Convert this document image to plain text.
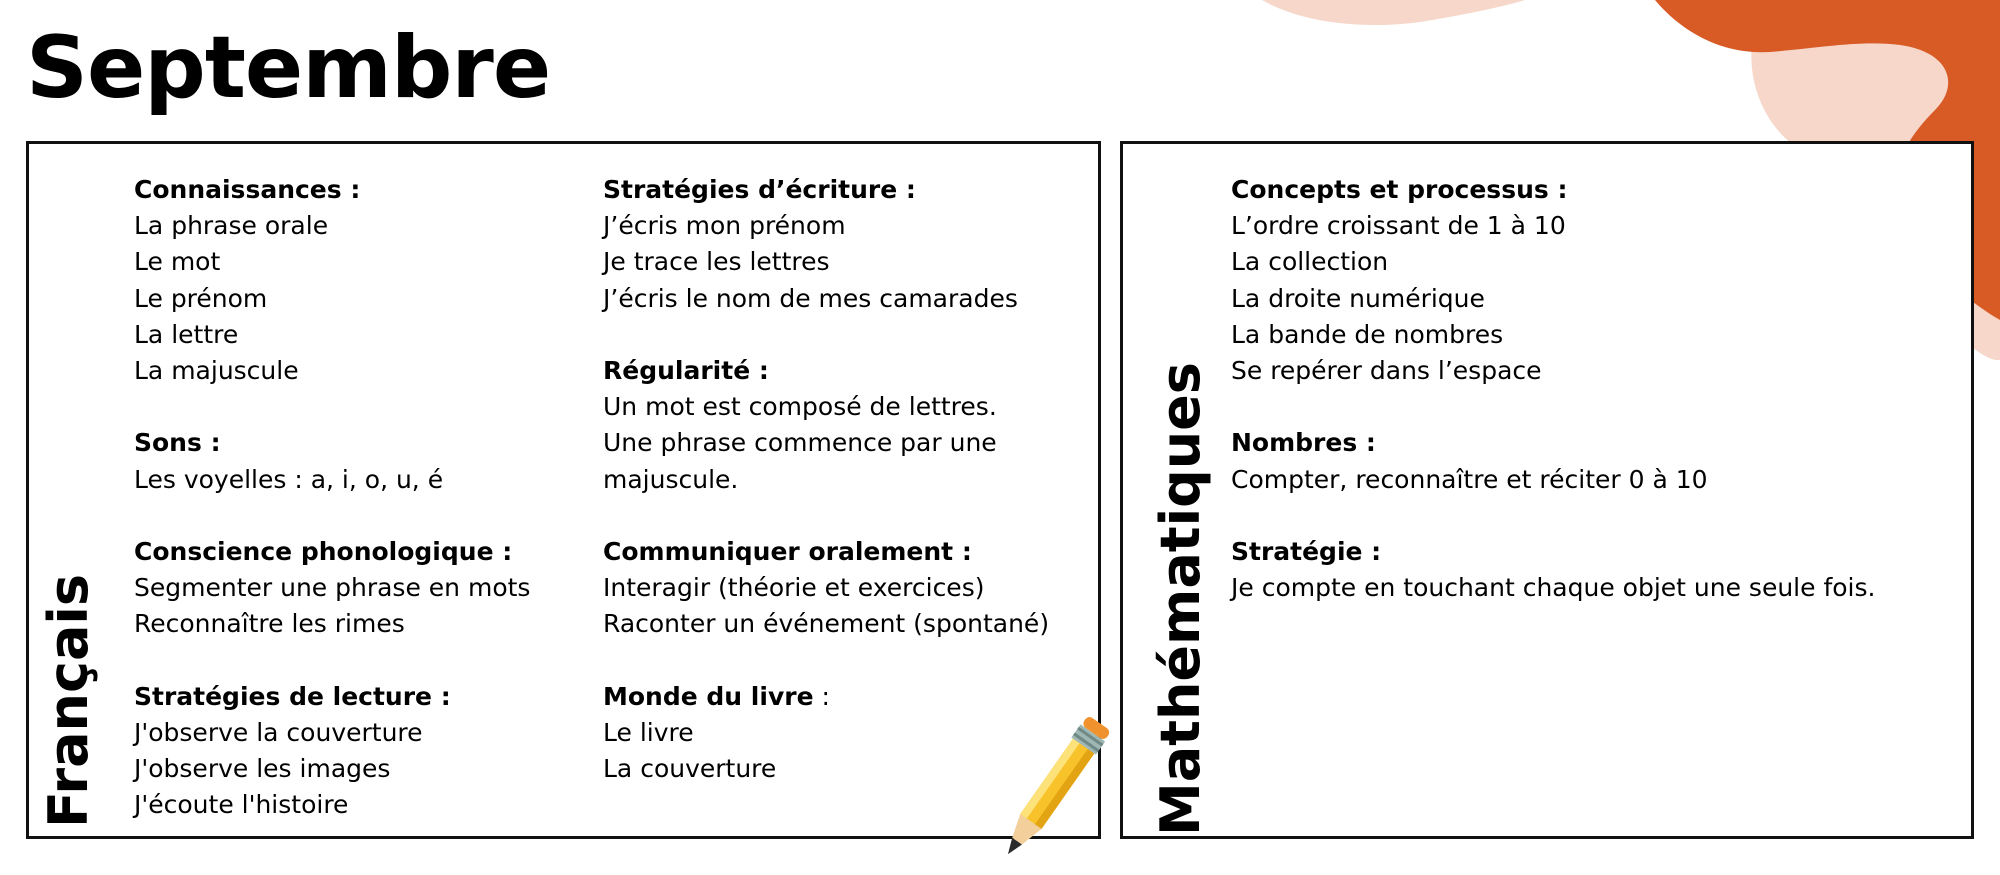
Septembre
Français
Connaissances :
La phrase orale
Le mot
Le prénom
La lettre
La majuscule
Sons :
Les voyelles : a, i, o, u, é
Conscience phonologique :
Segmenter une phrase en mots
Reconnaître les rimes
Stratégies de lecture :
J'observe la couverture
J'observe les images
J'écoute l'histoire
Stratégies d’écriture :
J’écris mon prénom
Je trace les lettres
J’écris le nom de mes camarades
Régularité :
Un mot est composé de lettres.
Une phrase commence par une
majuscule.
Communiquer oralement :
Interagir (théorie et exercices)
Raconter un événement (spontané)
Monde du livre :
Le livre
La couverture	Mathématiques
Concepts et processus :
L’ordre croissant de 1 à 10
La collection
La droite numérique
La bande de nombres
Se repérer dans l’espace
Nombres :
Compter, reconnaître et réciter 0 à 10
Stratégie :
Je compte en touchant chaque objet une seule fois.
